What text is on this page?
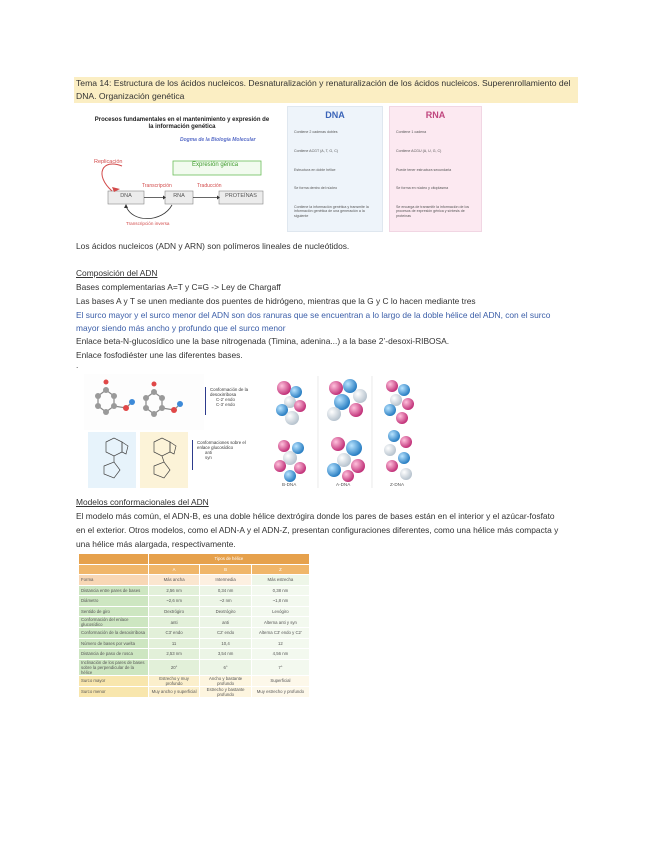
Tema 14: Estructura de los ácidos nucleicos. Desnaturalización y renaturalización de los ácidos nucleicos. Superenrollamiento del DNA. Organización genética
Procesos fundamentales en el mantenimiento y expresión de la información genética
Dogma de la Biología Molecular
Replicación	Expresión génica
Transcripción	Traducción
DNA	RNA	PROTEÍNAS
Transcripción inversa
DNA
Contiene 2 cadenas dobles
Contiene ACGT (A, T, G, C)
Estructura en doble hélice
Se forma dentro del núcleo
Contiene la información genética y transmite la información genética de una generación a la siguiente
RNA
Contiene 1 cadena
Contiene ACGU (A, U, G, C)
Puede tener estructura secundaria
Se forma en núcleo y citoplasma
Se encarga de transmitir la información de los procesos de expresión génica y síntesis de proteínas
Los ácidos nucleicos (ADN y ARN) son polímeros lineales de nucleótidos.
Composición del ADN
Bases complementarias A=T y C≡G -> Ley de Chargaff
Las bases A y T se unen mediante dos puentes de hidrógeno, mientras que la G y C lo hacen mediante tres
El surco mayor y el surco menor del ADN son dos ranuras que se encuentran a lo largo de la doble hélice del ADN, con el surco
mayor siendo más ancho y profundo que el surco menor
Enlace beta-N-glucosídico une la base nitrogenada (Timina, adenina...) a la base 2’-desoxi-RIBOSA.
Enlace fosfodiéster une las diferentes bases.
.
Conformación de la desoxirribosa
C-2' endo
C-3' endo
Conformaciones sobre el enlace glucosídico
anti
syn
B-DNA	A-DNA	Z-DNA
Modelos conformacionales del ADN
El modelo más común, el ADN-B, es una doble hélice dextrógira donde los pares de bases están en el interior y el azúcar-fosfato
en el exterior. Otros modelos, como el ADN-A y el ADN-Z, presentan configuraciones diferentes, como una hélice más compacta y
una hélice más alargada, respectivamente.
	Tipos de hélice		
	A	B	Z
Forma	Más ancha	Intermedia	Más estrecha
Distancia entre pares de bases	2,56 nm	0,34 nm	0,38 nm
Diámetro	~2,6 nm	~2 nm	~1,8 nm
Sentido de giro	Dextrógiro	Dextrógiro	Levógiro
Conformación del enlace glucosídico	anti	anti	Alterna anti y syn
Conformación de la desoxirribosa	C3' endo	C2' endo	Alterna C3' endo y C2'
Número de bases por vuelta	11	10,4	12
Distancia de paso de rosca	2,53 nm	3,54 nm	4,56 nm
Inclinación de los pares de bases sobre la perpendicular de la hélice	20°	6°	7°
Surco mayor	Estrecho y muy profundo	Ancho y bastante profundo	Superficial
Surco menor	Muy ancho y superficial	Estrecho y bastante profundo	Muy estrecho y profundo
